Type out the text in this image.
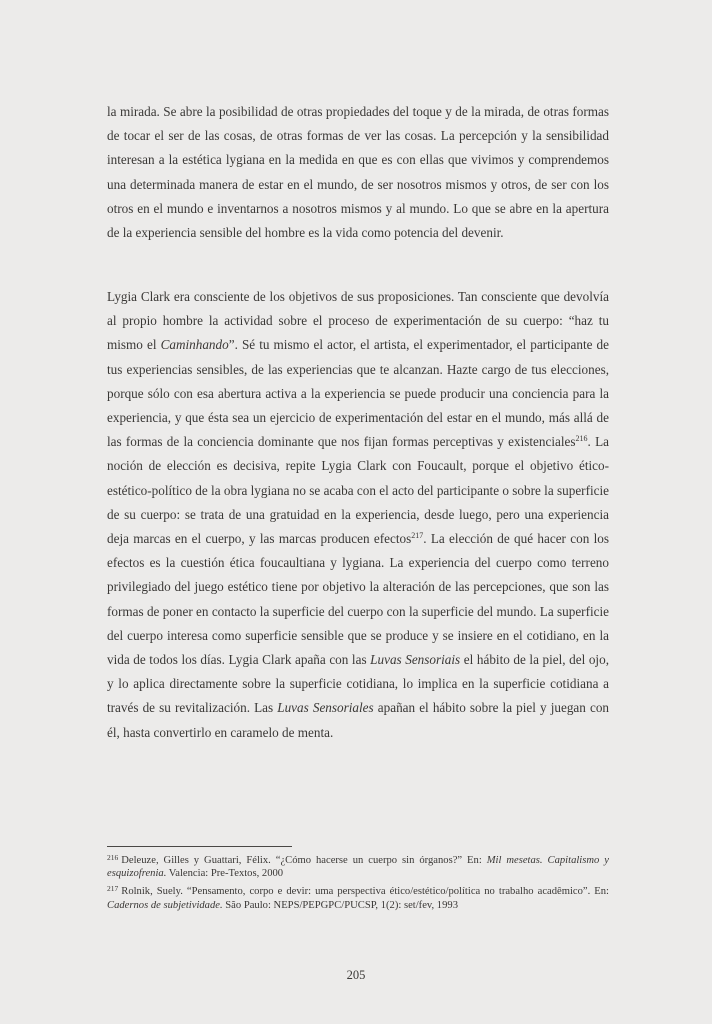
la mirada. Se abre la posibilidad de otras propiedades del toque y de la mirada, de otras formas de tocar el ser de las cosas, de otras formas de ver las cosas. La percepción y la sensibilidad interesan a la estética lygiana en la medida en que es con ellas que vivimos y comprendemos una determinada manera de estar en el mundo, de ser nosotros mismos y otros, de ser con los otros en el mundo e inventarnos a nosotros mismos y al mundo. Lo que se abre en la apertura de la experiencia sensible del hombre es la vida como potencia del devenir.

Lygia Clark era consciente de los objetivos de sus proposiciones. Tan consciente que devolvía al propio hombre la actividad sobre el proceso de experimentación de su cuerpo: “haz tu mismo el Caminhando”. Sé tu mismo el actor, el artista, el experimentador, el participante de tus experiencias sensibles, de las experiencias que te alcanzan. Hazte cargo de tus elecciones, porque sólo con esa abertura activa a la experiencia se puede producir una conciencia para la experiencia, y que ésta sea un ejercicio de experimentación del estar en el mundo, más allá de las formas de la conciencia dominante que nos fijan formas perceptivas y existenciales$^{216}$. La noción de elección es decisiva, repite Lygia Clark con Foucault, porque el objetivo ético-estético-político de la obra lygiana no se acaba con el acto del participante o sobre la superficie de su cuerpo: se trata de una gratuidad en la experiencia, desde luego, pero una experiencia deja marcas en el cuerpo, y las marcas producen efectos$^{217}$. La elección de qué hacer con los efectos es la cuestión ética foucaultiana y lygiana. La experiencia del cuerpo como terreno privilegiado del juego estético tiene por objetivo la alteración de las percepciones, que son las formas de poner en contacto la superficie del cuerpo con la superficie del mundo. La superficie del cuerpo interesa como superficie sensible que se produce y se insiere en el cotidiano, en la vida de todos los días. Lygia Clark apaña con las Luvas Sensoriais el hábito de la piel, del ojo, y lo aplica directamente sobre la superficie cotidiana, lo implica en la superficie cotidiana a través de su revitalización. Las Luvas Sensoriales apañan el hábito sobre la piel y juegan con él, hasta convertirlo en caramelo de menta.

$^{216}$ Deleuze, Gilles y Guattari, Félix. “¿Cómo hacerse un cuerpo sin órganos?” En: Mil mesetas. Capitalismo y esquizofrenia. Valencia: Pre-Textos, 2000

$^{217}$ Rolnik, Suely. “Pensamento, corpo e devir: uma perspectiva ético/estético/política no trabalho acadêmico”. En: Cadernos de subjetividade. São Paulo: NEPS/PEPGPC/PUCSP, 1(2): set/fev, 1993

205
